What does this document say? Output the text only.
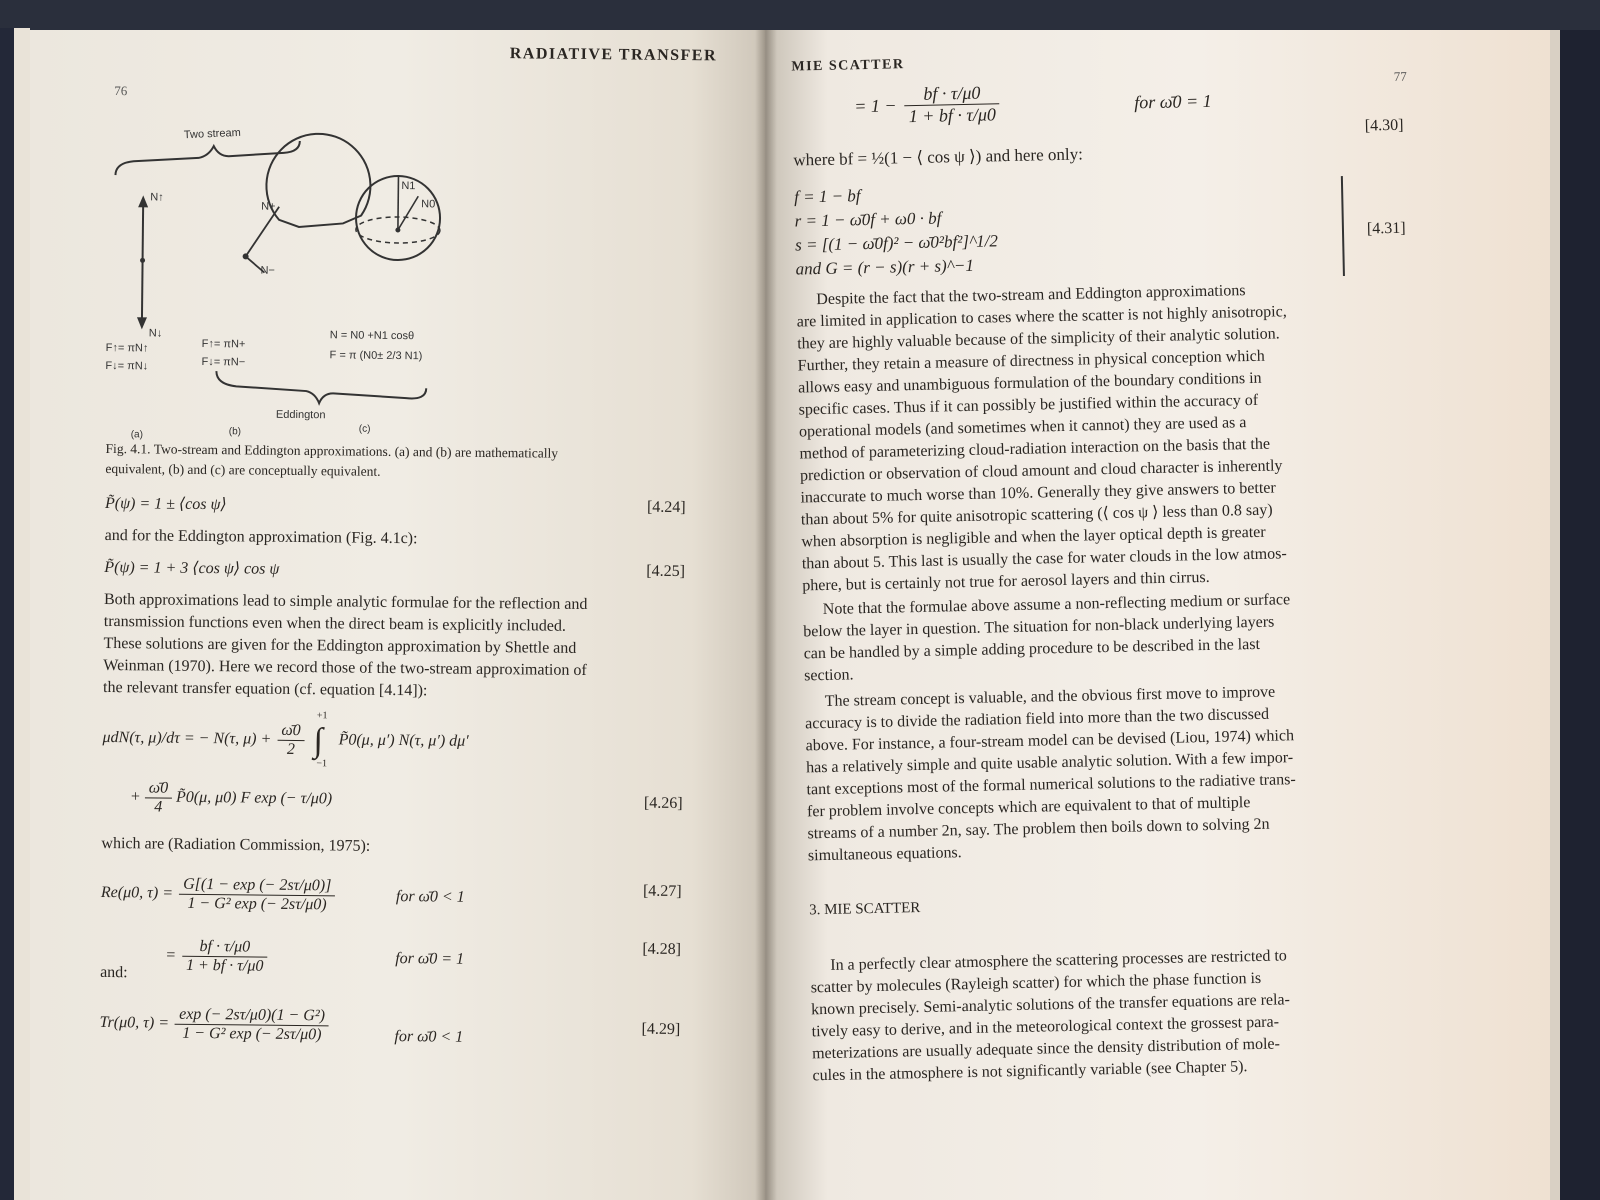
RADIATIVE TRANSFER
76
Two stream
N↑
N↓
N+
N−
N1
N0
F↑= πN↑
F↓= πN↓
F↑= πN+
F↓= πN−
N = N0 +N1 cosθ
F = π (N0± 2/3 N1)
Eddington
(a)	(b)	(c)
Fig. 4.1. Two-stream and Eddington approximations. (a) and (b) are mathematically
equivalent, (b) and (c) are conceptually equivalent.
P̃(ψ) = 1 ± ⟨cos ψ⟩	[4.24]
and for the Eddington approximation (Fig. 4.1c):
P̃(ψ) = 1 + 3 ⟨cos ψ⟩ cos ψ	[4.25]
Both approximations lead to simple analytic formulae for the reflection and
transmission functions even when the direct beam is explicitly included.
These solutions are given for the Eddington approximation by Shettle and
Weinman (1970). Here we record those of the two-stream approximation of
the relevant transfer equation (cf. equation [4.14]):
μdN(τ, μ)/dτ = − N(τ, $\mu) + \frac{\omegā0}{2}$ ∫
+1
−1
P̃0(μ, μ′) N(τ, μ′) dμ′
+ $\frac{\omegā0}{4}$ P̃0(μ, μ0) F exp (− τ/μ0)	[4.26]
which are (Radiation Commission, 1975):
Re(μ0, $\tau) = \frac{G[(1 - \exp (- 2s\tau/\mu 0)]}{\text{1 − G² exp (− 2sτ/μ0)}}$	for ω̄0 < 1	[4.27]
= $\frac{bf \cdot \tau/\mu 0}{1 + bf \cdot \tau/\mu 0}$	for ω̄0 = 1
[4.28]
and:
Tr(μ0, $\tau) = \frac{\text{exp (− 2sτ/μ0)(1 − G²)}}{\text{1 − G² exp (− 2sτ/μ0)}}$	for ω̄0 < 1	[4.29]
MIE SCATTER
77
= $1 - \frac{bf \cdot \tau/\mu 0}{1 + bf \cdot \tau/\mu 0}$	for ω̄0 = 1
[4.30]
where bf = ½(1 − ⟨ cos ψ ⟩) and here only:
f = 1 − bf
r = 1 − ω̄0f + ω0 · bf
s = [(1 − ω̄0f)² − ω̄0²bf²]^1/2
and G = (r − s)(r + s)^−1
[4.31]
Despite the fact that the two-stream and Eddington approximations
are limited in application to cases where the scatter is not highly anisotropic,
they are highly valuable because of the simplicity of their analytic solution.
Further, they retain a measure of directness in physical conception which
allows easy and unambiguous formulation of the boundary conditions in
specific cases. Thus if it can possibly be justified within the accuracy of
operational models (and sometimes when it cannot) they are used as a
method of parameterizing cloud-radiation interaction on the basis that the
prediction or observation of cloud amount and cloud character is inherently
inaccurate to much worse than 10%. Generally they give answers to better
than about 5% for quite anisotropic scattering (⟨ cos ψ ⟩ less than 0.8 say)
when absorption is negligible and when the layer optical depth is greater
than about 5. This last is usually the case for water clouds in the low atmos-
phere, but is certainly not true for aerosol layers and thin cirrus.
Note that the formulae above assume a non-reflecting medium or surface
below the layer in question. The situation for non-black underlying layers
can be handled by a simple adding procedure to be described in the last
section.
The stream concept is valuable, and the obvious first move to improve
accuracy is to divide the radiation field into more than the two discussed
above. For instance, a four-stream model can be devised (Liou, 1974) which
has a relatively simple and quite usable analytic solution. With a few impor-
tant exceptions most of the formal numerical solutions to the radiative trans-
fer problem involve concepts which are equivalent to that of multiple
streams of a number 2n, say. The problem then boils down to solving 2n
simultaneous equations.
3. MIE SCATTER
In a perfectly clear atmosphere the scattering processes are restricted to
scatter by molecules (Rayleigh scatter) for which the phase function is
known precisely. Semi-analytic solutions of the transfer equations are rela-
tively easy to derive, and in the meteorological context the grossest para-
meterizations are usually adequate since the density distribution of mole-
cules in the atmosphere is not significantly variable (see Chapter 5).
